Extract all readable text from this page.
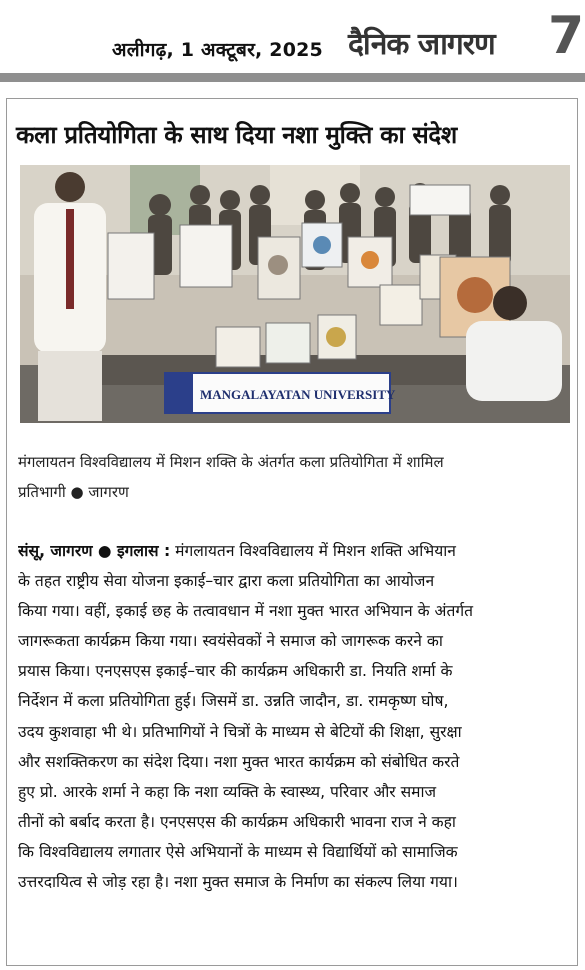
अलीगढ़, 1 अक्टूबर, 2025 दैनिक जागरण 7
कला प्रतियोगिता के साथ दिया नशा मुक्ति का संदेश
MANGALAYATAN UNIVERSITY
मंगलायतन विश्वविद्यालय में मिशन शक्ति के अंतर्गत कला प्रतियोगिता में शामिल
प्रतिभागी ● जागरण
संसू, जागरण ● इगलास : मंगलायतन विश्वविद्यालय में मिशन शक्ति अभियान
के तहत राष्ट्रीय सेवा योजना इकाई–चार द्वारा कला प्रतियोगिता का आयोजन
किया गया। वहीं, इकाई छह के तत्वावधान में नशा मुक्त भारत अभियान के अंतर्गत
जागरूकता कार्यक्रम किया गया। स्वयंसेवकों ने समाज को जागरूक करने का
प्रयास किया। एनएसएस इकाई–चार की कार्यक्रम अधिकारी डा. नियति शर्मा के
निर्देशन में कला प्रतियोगिता हुई। जिसमें डा. उन्नति जादौन, डा. रामकृष्ण घोष,
उदय कुशवाहा भी थे। प्रतिभागियों ने चित्रों के माध्यम से बेटियों की शिक्षा, सुरक्षा
और सशक्तिकरण का संदेश दिया। नशा मुक्त भारत कार्यक्रम को संबोधित करते
हुए प्रो. आरके शर्मा ने कहा कि नशा व्यक्ति के स्वास्थ्य, परिवार और समाज
तीनों को बर्बाद करता है। एनएसएस की कार्यक्रम अधिकारी भावना राज ने कहा
कि विश्वविद्यालय लगातार ऐसे अभियानों के माध्यम से विद्यार्थियों को सामाजिक
उत्तरदायित्व से जोड़ रहा है। नशा मुक्त समाज के निर्माण का संकल्प लिया गया।
